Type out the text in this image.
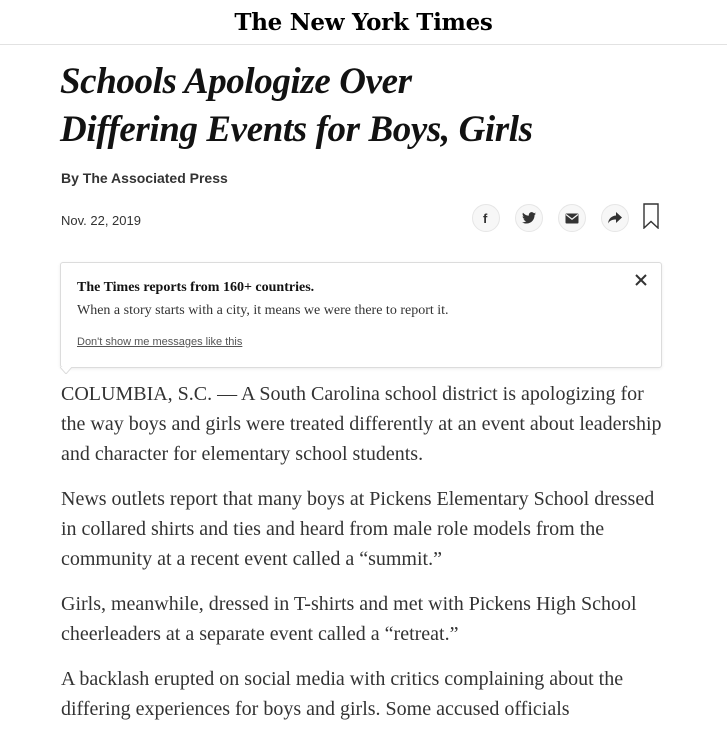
The New York Times
Schools Apologize Over
Differing Events for Boys, Girls
By The Associated Press
Nov. 22, 2019	f
The Times reports from 160+ countries.
When a story starts with a city, it means we were there to report it.
Don't show me messages like this

COLUMBIA, S.C. — A South Carolina school district is apologizing for the way boys and girls were treated differently at an event about leadership and character for elementary school students.

News outlets report that many boys at Pickens Elementary School dressed in collared shirts and ties and heard from male role models from the community at a recent event called a “summit.”

Girls, meanwhile, dressed in T-shirts and met with Pickens High School cheerleaders at a separate event called a “retreat.”

A backlash erupted on social media with critics complaining about the differing experiences for boys and girls. Some accused officials
